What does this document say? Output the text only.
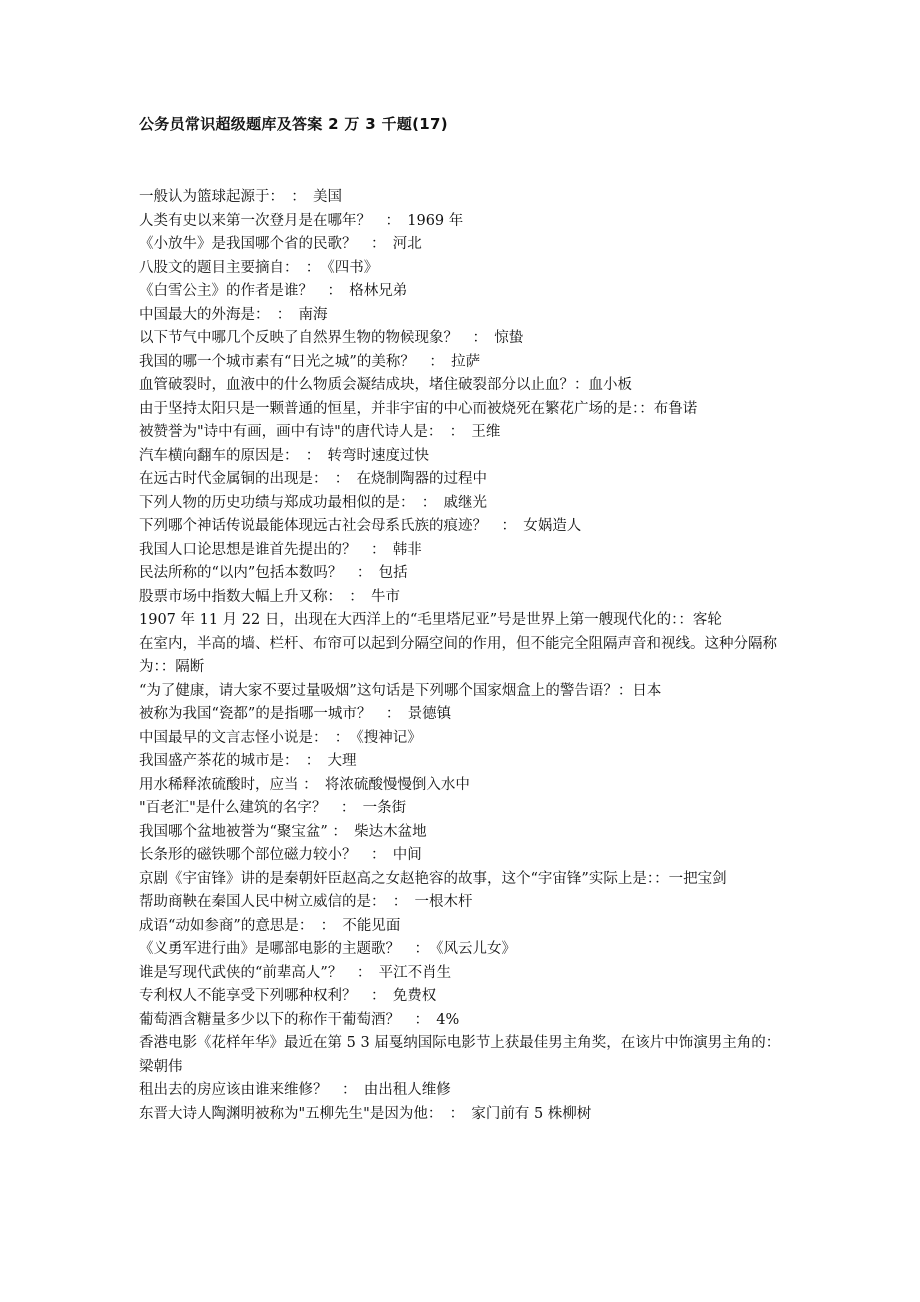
公务员常识超级题库及答案 2 万 3 千题(17)
一般认为篮球起源于：　：　美国
人类有史以来第一次登月是在哪年？　：　1969 年
《小放牛》是我国哪个省的民歌？　：　河北
八股文的题目主要摘自：　：　《四书》
《白雪公主》的作者是谁？　：　格林兄弟
中国最大的外海是：　：　南海
以下节气中哪几个反映了自然界生物的物候现象？　：　惊蛰
我国的哪一个城市素有“日光之城”的美称？　：　拉萨
血管破裂时，血液中的什么物质会凝结成块，堵住破裂部分以止血？：血小板
由于坚持太阳只是一颗普通的恒星，并非宇宙的中心而被烧死在繁花广场的是：：布鲁诺
被赞誉为"诗中有画，画中有诗"的唐代诗人是：　：　王维
汽车横向翻车的原因是：　：　转弯时速度过快
在远古时代金属铜的出现是：　：　在烧制陶器的过程中
下列人物的历史功绩与郑成功最相似的是：　：　戚继光
下列哪个神话传说最能体现远古社会母系氏族的痕迹？　：　女娲造人
我国人口论思想是谁首先提出的？　：　韩非
民法所称的“以内”包括本数吗？　：　包括
股票市场中指数大幅上升又称：　：　牛市
1907 年 11 月 22 日，出现在大西洋上的“毛里塔尼亚”号是世界上第一艘现代化的：：客轮
在室内，半高的墙、栏杆、布帘可以起到分隔空间的作用，但不能完全阻隔声音和视线。这种分隔称为：：隔断
“为了健康，请大家不要过量吸烟”这句话是下列哪个国家烟盒上的警告语？：日本
被称为我国“瓷都”的是指哪一城市？　：　景德镇
中国最早的文言志怪小说是：　：　《搜神记》
我国盛产茶花的城市是：　：　大理
用水稀释浓硫酸时，应当 ：　将浓硫酸慢慢倒入水中
"百老汇"是什么建筑的名字？　：　一条街
我国哪个盆地被誉为“聚宝盆” ：　柴达木盆地
长条形的磁铁哪个部位磁力较小？　：　中间
京剧《宇宙锋》讲的是秦朝奸臣赵高之女赵艳容的故事，这个“宇宙锋”实际上是：：一把宝剑
帮助商鞅在秦国人民中树立威信的是：　：　一根木杆
成语“动如参商”的意思是：　：　不能见面
《义勇军进行曲》是哪部电影的主题歌？　：　《风云儿女》
谁是写现代武侠的“前辈高人”？　：　平江不肖生
专利权人不能享受下列哪种权利？　：　免费权
葡萄酒含糖量多少以下的称作干葡萄酒？　：　4%
香港电影《花样年华》最近在第 5 3 届戛纳国际电影节上获最佳男主角奖，在该片中饰演男主角的：梁朝伟
租出去的房应该由谁来维修？　：　由出租人维修
东晋大诗人陶渊明被称为"五柳先生"是因为他：　：　家门前有 5 株柳树
